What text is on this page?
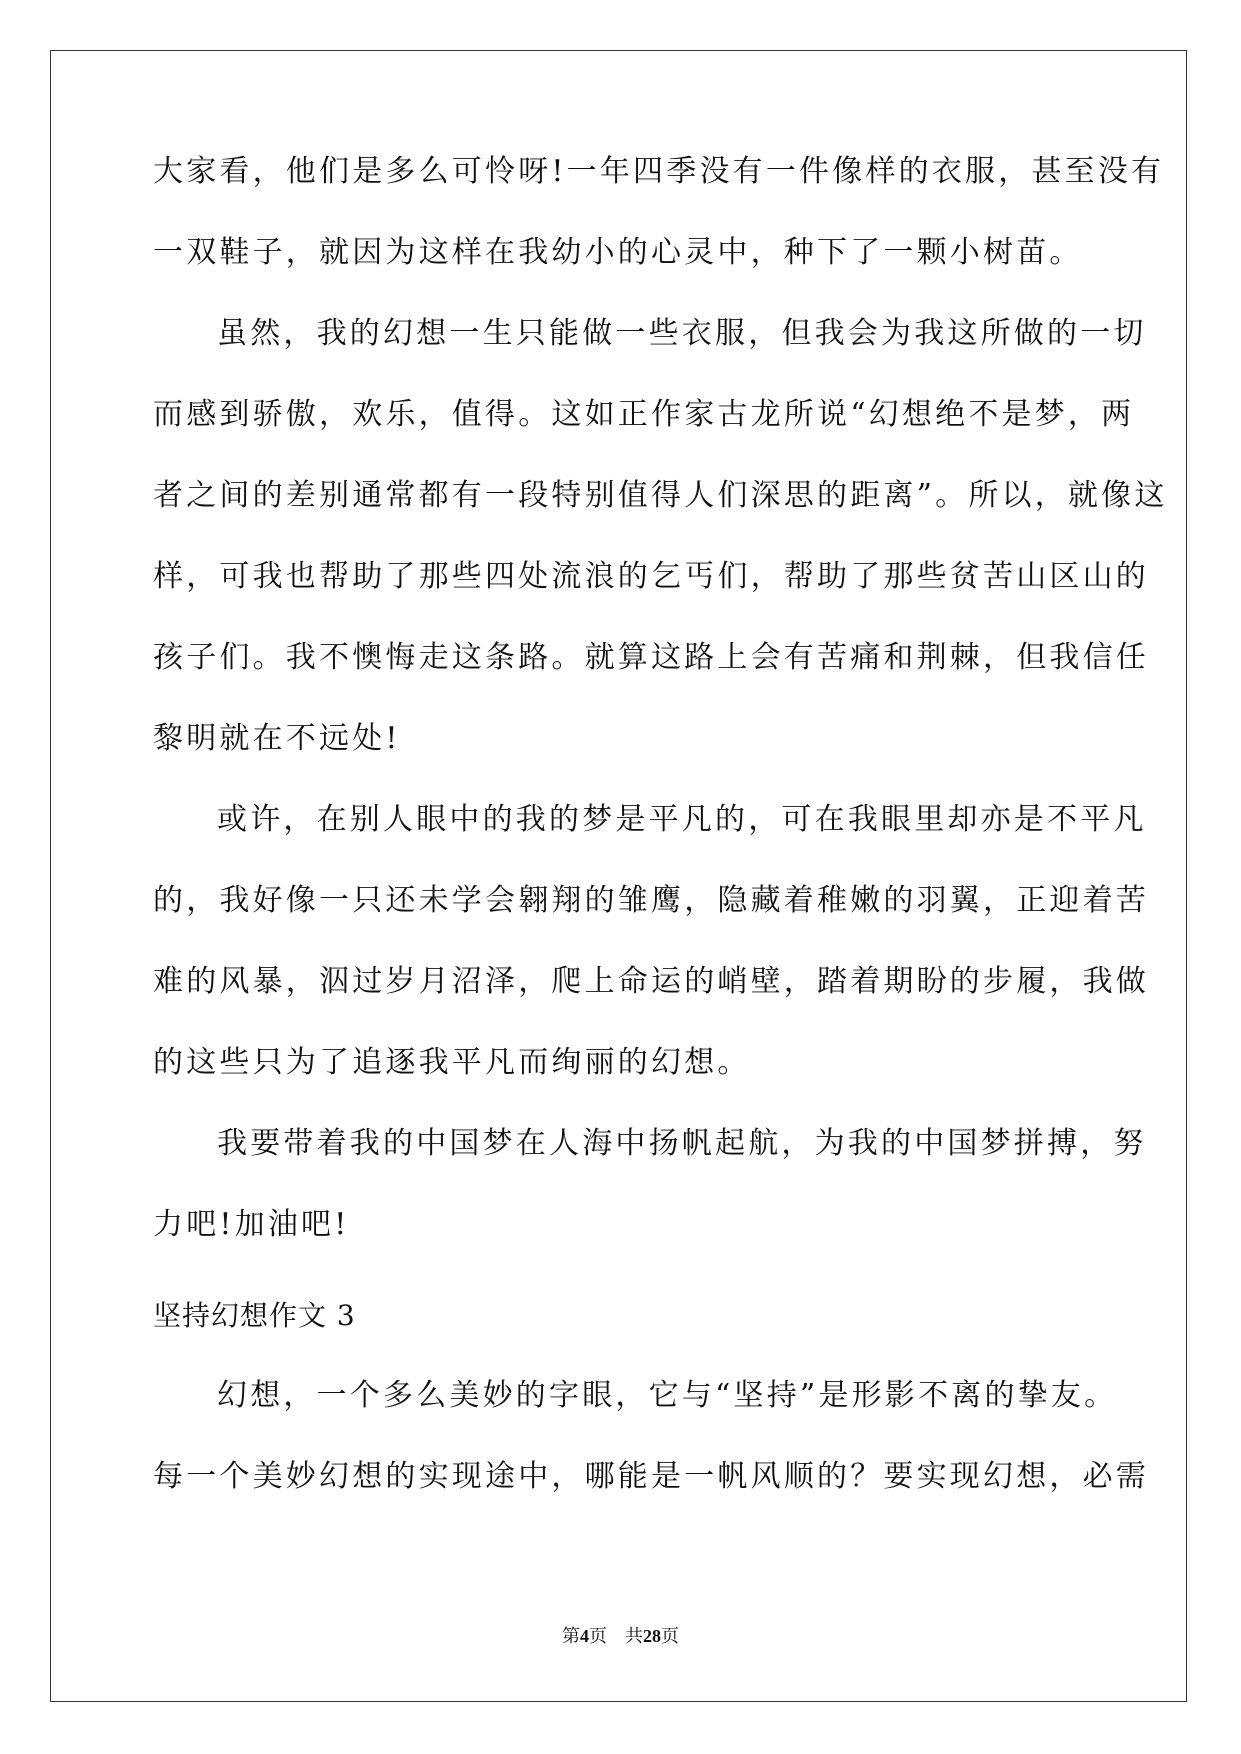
大家看，他们是多么可怜呀!一年四季没有一件像样的衣服，甚至没有
一双鞋子，就因为这样在我幼小的心灵中，种下了一颗小树苗。
虽然，我的幻想一生只能做一些衣服，但我会为我这所做的一切
而感到骄傲，欢乐，值得。这如正作家古龙所说“幻想绝不是梦，两
者之间的差别通常都有一段特别值得人们深思的距离”。所以，就像这
样，可我也帮助了那些四处流浪的乞丐们，帮助了那些贫苦山区山的
孩子们。我不懊悔走这条路。就算这路上会有苦痛和荆棘，但我信任
黎明就在不远处!
或许，在别人眼中的我的梦是平凡的，可在我眼里却亦是不平凡
的，我好像一只还未学会翱翔的雏鹰，隐藏着稚嫩的羽翼，正迎着苦
难的风暴，泅过岁月沼泽，爬上命运的峭壁，踏着期盼的步履，我做
的这些只为了追逐我平凡而绚丽的幻想。
我要带着我的中国梦在人海中扬帆起航，为我的中国梦拼搏，努
力吧!加油吧!
坚持幻想作文 3
幻想，一个多么美妙的字眼，它与“坚持”是形影不离的挚友。
每一个美妙幻想的实现途中，哪能是一帆风顺的？要实现幻想，必需
第4页 共28页
